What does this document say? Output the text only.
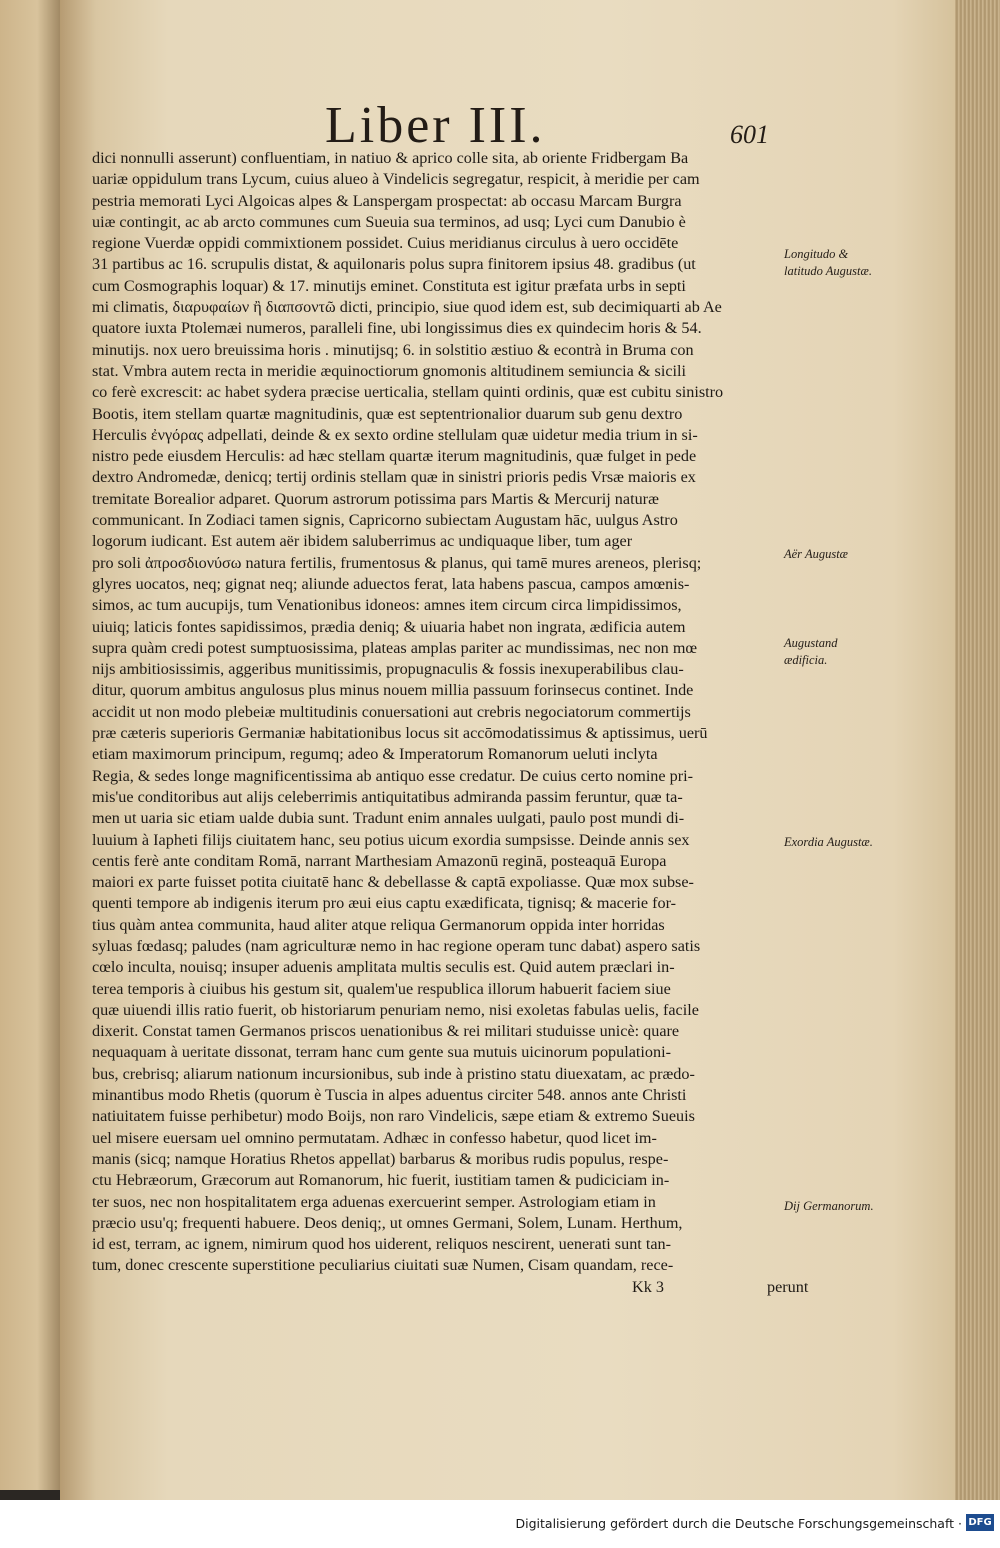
Liber III.	601
dici nonnulli asserunt) confluentiam, in natiuo & aprico colle sita, ab oriente Fridbergam Ba
uariæ oppidulum trans Lycum, cuius alueo à Vindelicis segregatur, respicit, à meridie per cam
pestria memorati Lyci Algoicas alpes & Lanspergam prospectat: ab occasu Marcam Burgra
uiæ contingit, ac ab arcto communes cum Sueuia sua terminos, ad usq; Lyci cum Danubio è
regione Vuerdæ oppidi commixtionem possidet. Cuius meridianus circulus à uero occidēte
31 partibus ac 16. scrupulis distat, & aquilonaris polus supra finitorem ipsius 48. gradibus (ut
cum Cosmographis loquar) & 17. minutijs eminet. Constituta est igitur præfata urbs in septi
mi climatis, διαρυφαίων ἢ διαπσοντῶ dicti, principio, siue quod idem est, sub decimiquarti ab Ae
quatore iuxta Ptolemæi numeros, paralleli fine, ubi longissimus dies ex quindecim horis & 54.
minutijs. nox uero breuissima horis . minutijsq; 6. in solstitio æstiuo & econtrà in Bruma con
stat. Vmbra autem recta in meridie æquinoctiorum gnomonis altitudinem semiuncia & sicili
co ferè excrescit: ac habet sydera præcise uerticalia, stellam quinti ordinis, quæ est cubitu sinistro
Bootis, item stellam quartæ magnitudinis, quæ est septentrionalior duarum sub genu dextro
Herculis ἐνγόρας adpellati, deinde & ex sexto ordine stellulam quæ uidetur media trium in si-
nistro pede eiusdem Herculis: ad hæc stellam quartæ iterum magnitudinis, quæ fulget in pede
dextro Andromedæ, denicq; tertij ordinis stellam quæ in sinistri prioris pedis Vrsæ maioris ex
tremitate Borealior adparet. Quorum astrorum potissima pars Martis & Mercurij naturæ
communicant. In Zodiaci tamen signis, Capricorno subiectam Augustam hāc, uulgus Astro
logorum iudicant. Est autem aër ibidem saluberrimus ac undiquaque liber, tum ager
pro soli ἀπροσδιονύσω natura fertilis, frumentosus & planus, qui tamē mures areneos, plerisq;
glyres uocatos, neq; gignat neq; aliunde aduectos ferat, lata habens pascua, campos amœnis-
simos, ac tum aucupijs, tum Venationibus idoneos: amnes item circum circa limpidissimos,
uiuiq; laticis fontes sapidissimos, prædia deniq; & uiuaria habet non ingrata, ædificia autem
supra quàm credi potest sumptuosissima, plateas amplas pariter ac mundissimas, nec non mœ
nijs ambitiosissimis, aggeribus munitissimis, propugnaculis & fossis inexuperabilibus clau-
ditur, quorum ambitus angulosus plus minus nouem millia passuum forinsecus continet. Inde
accidit ut non modo plebeiæ multitudinis conuersationi aut crebris negociatorum commertijs
præ cæteris superioris Germaniæ habitationibus locus sit accōmodatissimus & aptissimus, uerū
etiam maximorum principum, regumq; adeo & Imperatorum Romanorum ueluti inclyta
Regia, & sedes longe magnificentissima ab antiquo esse credatur. De cuius certo nomine pri-
mis'ue conditoribus aut alijs celeberrimis antiquitatibus admiranda passim feruntur, quæ ta-
men ut uaria sic etiam ualde dubia sunt. Tradunt enim annales uulgati, paulo post mundi di-
luuium à Iapheti filijs ciuitatem hanc, seu potius uicum exordia sumpsisse. Deinde annis sex
centis ferè ante conditam Romā, narrant Marthesiam Amazonū reginā, posteaquā Europa
maiori ex parte fuisset potita ciuitatē hanc & debellasse & captā expoliasse. Quæ mox subse-
quenti tempore ab indigenis iterum pro æui eius captu exædificata, tignisq; & macerie for-
tius quàm antea communita, haud aliter atque reliqua Germanorum oppida inter horridas
syluas fœdasq; paludes (nam agriculturæ nemo in hac regione operam tunc dabat) aspero satis
cœlo inculta, nouisq; insuper aduenis amplitata multis seculis est. Quid autem præclari in-
terea temporis à ciuibus his gestum sit, qualem'ue respublica illorum habuerit faciem siue
quæ uiuendi illis ratio fuerit, ob historiarum penuriam nemo, nisi exoletas fabulas uelis, facile
dixerit. Constat tamen Germanos priscos uenationibus & rei militari studuisse unicè: quare
nequaquam à ueritate dissonat, terram hanc cum gente sua mutuis uicinorum populationi-
bus, crebrisq; aliarum nationum incursionibus, sub inde à pristino statu diuexatam, ac prædo-
minantibus modo Rhetis (quorum è Tuscia in alpes aduentus circiter 548. annos ante Christi
natiuitatem fuisse perhibetur) modo Boijs, non raro Vindelicis, sæpe etiam & extremo Sueuis
uel misere euersam uel omnino permutatam. Adhæc in confesso habetur, quod licet im-
manis (sicq; namque Horatius Rhetos appellat) barbarus & moribus rudis populus, respe-
ctu Hebræorum, Græcorum aut Romanorum, hic fuerit, iustitiam tamen & pudiciciam in-
ter suos, nec non hospitalitatem erga aduenas exercuerint semper. Astrologiam etiam in
præcio usu'q; frequenti habuere. Deos deniq;, ut omnes Germani, Solem, Lunam. Herthum,
id est, terram, ac ignem, nimirum quod hos uiderent, reliquos nescirent, uenerati sunt tan-
tum, donec crescente superstitione peculiarius ciuitati suæ Numen, Cisam quandam, rece-
Kk 3	perunt
Longitudo & latitudo Augustæ.
Aër Augustæ
Augustand ædificia.
Exordia Augustæ.
Dij Germanorum.
Digitalisierung gefördert durch die Deutsche Forschungsgemeinschaft · DFG
